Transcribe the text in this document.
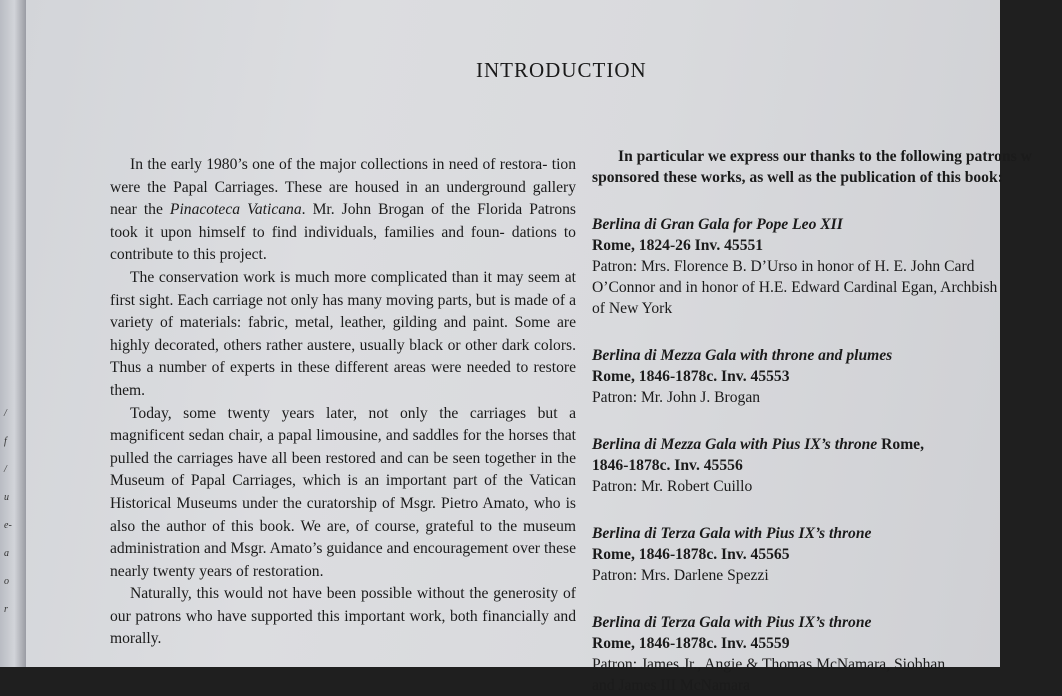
/
f
/
u
e-
a
o
r
INTRODUCTION

In the early 1980’s one of the major collections in need of restora- tion were the Papal Carriages. These are housed in an underground gallery near the Pinacoteca Vaticana. Mr. John Brogan of the Florida Patrons took it upon himself to find individuals, families and foun- dations to contribute to this project.

The conservation work is much more complicated than it may seem at first sight. Each carriage not only has many moving parts, but is made of a variety of materials: fabric, metal, leather, gilding and paint. Some are highly decorated, others rather austere, usually black or other dark colors. Thus a number of experts in these different areas were needed to restore them.

Today, some twenty years later, not only the carriages but a magnificent sedan chair, a papal limousine, and saddles for the horses that pulled the carriages have all been restored and can be seen together in the Museum of Papal Carriages, which is an important part of the Vatican Historical Museums under the curatorship of Msgr. Pietro Amato, who is also the author of this book. We are, of course, grateful to the museum administration and Msgr. Amato’s guidance and encouragement over these nearly twenty years of restoration.

Naturally, this would not have been possible without the generosity of our patrons who have supported this important work, both financially and morally.

In particular we express our thanks to the following patrons w

sponsored these works, as well as the publication of this book:

Berlina di Gran Gala for Pope Leo XII

Rome, 1824-26 Inv. 45551

Patron: Mrs. Florence B. D’Urso in honor of H. E. John Card

O’Connor and in honor of H.E. Edward Cardinal Egan, Archbish

of New York

Berlina di Mezza Gala with throne and plumes

Rome, 1846-1878c. Inv. 45553

Patron: Mr. John J. Brogan

Berlina di Mezza Gala with Pius IX’s throne Rome,

1846-1878c. Inv. 45556

Patron: Mr. Robert Cuillo

Berlina di Terza Gala with Pius IX’s throne

Rome, 1846-1878c. Inv. 45565

Patron: Mrs. Darlene Spezzi

Berlina di Terza Gala with Pius IX’s throne

Rome, 1846-1878c. Inv. 45559

Patron: James Jr., Angie & Thomas McNamara, Siobhan

and James III McNamara
